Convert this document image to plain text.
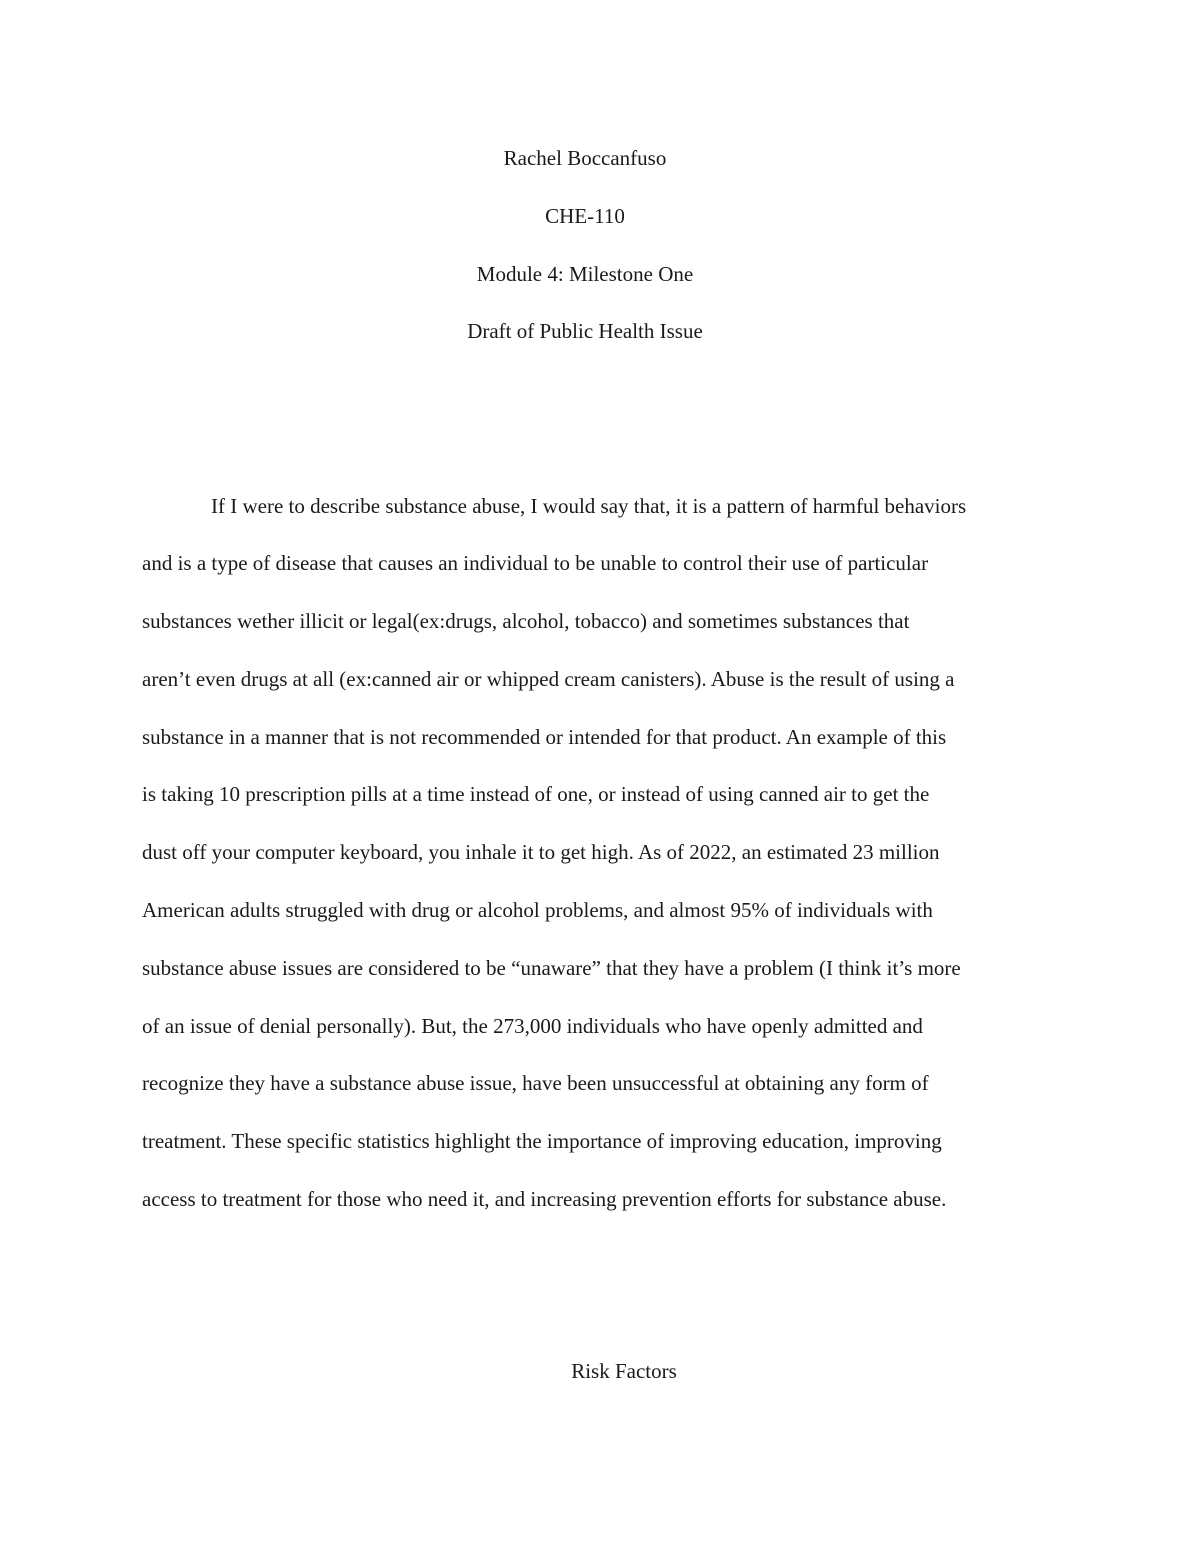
Rachel Boccanfuso
CHE-110
Module 4: Milestone One
Draft of Public Health Issue
If I were to describe substance abuse, I would say that, it is a pattern of harmful behaviors
and is a type of disease that causes an individual to be unable to control their use of particular
substances wether illicit or legal(ex:drugs, alcohol, tobacco) and sometimes substances that
aren’t even drugs at all (ex:canned air or whipped cream canisters). Abuse is the result of using a
substance in a manner that is not recommended or intended for that product. An example of this
is taking 10 prescription pills at a time instead of one, or instead of using canned air to get the
dust off your computer keyboard, you inhale it to get high. As of 2022, an estimated 23 million
American adults struggled with drug or alcohol problems, and almost 95% of individuals with
substance abuse issues are considered to be “unaware” that they have a problem (I think it’s more
of an issue of denial personally). But, the 273,000 individuals who have openly admitted and
recognize they have a substance abuse issue, have been unsuccessful at obtaining any form of
treatment. These specific statistics highlight the importance of improving education, improving
access to treatment for those who need it, and increasing prevention efforts for substance abuse.
Risk Factors
